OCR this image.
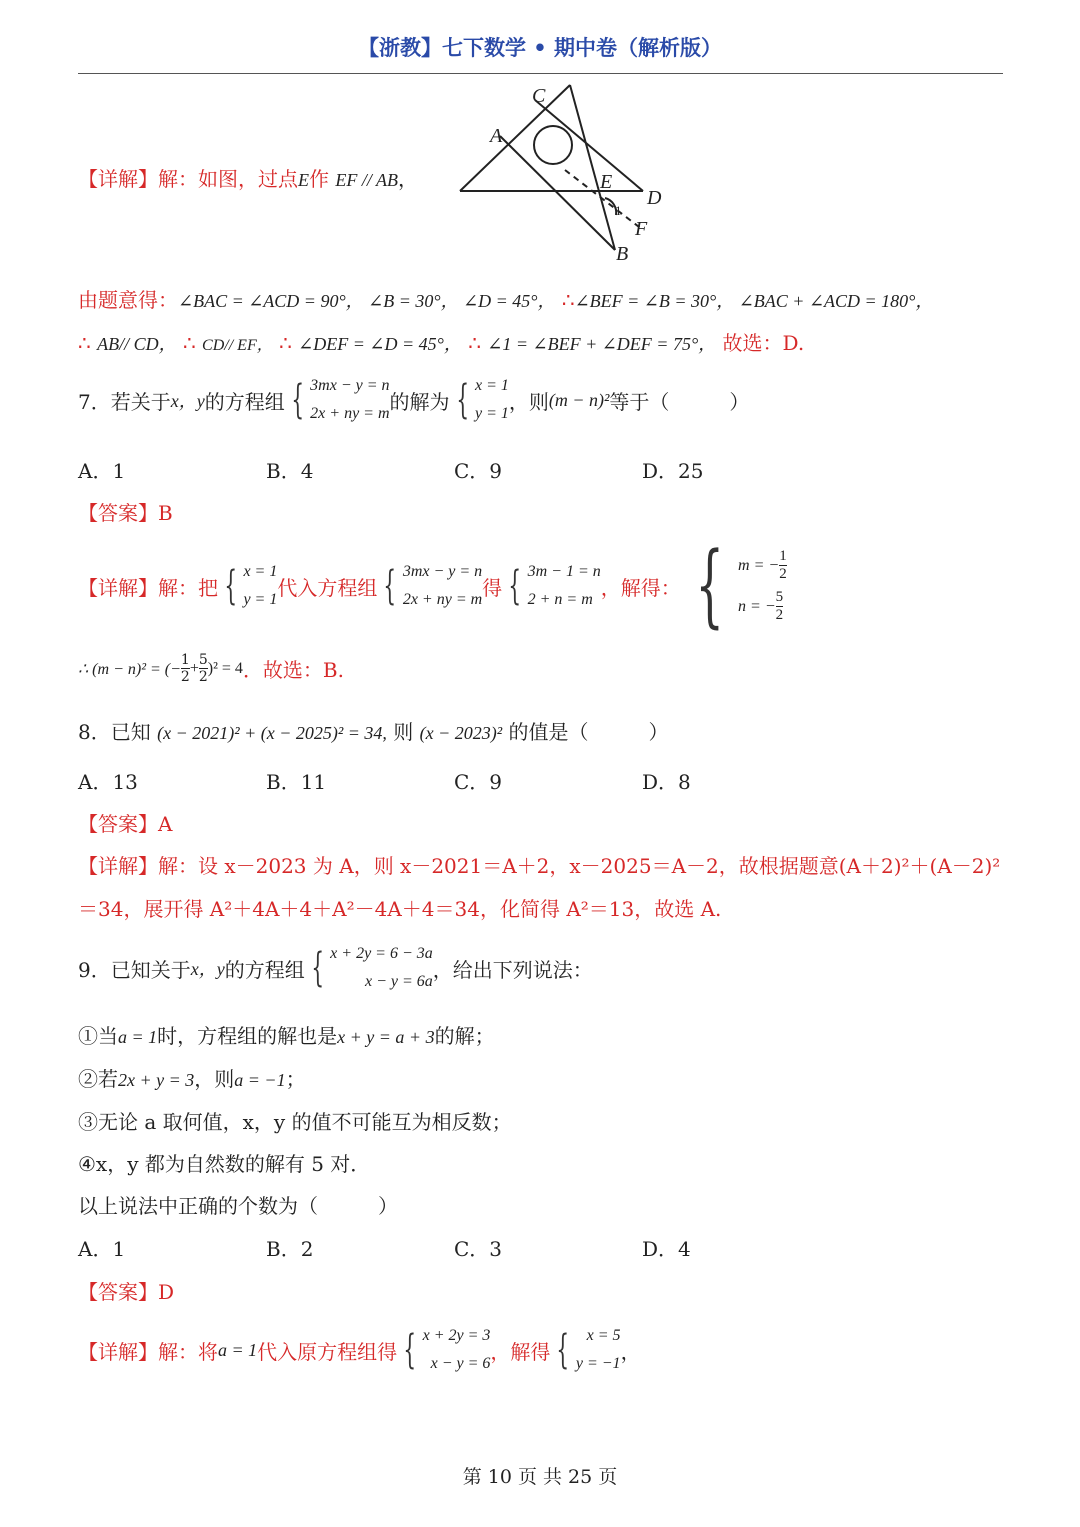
【浙教】七下数学 • 期中卷（解析版）
【详解】解：如图，过点E作 EF // AB，
C
A
E
D
F
B
1
由题意得：∠BAC = ∠ACD = 90°， ∠B = 30°， ∠D = 45°， ∴∠BEF = ∠B = 30°， ∠BAC + ∠ACD = 180°，
∴ AB// CD， ∴ CD// EF， ∴ ∠DEF = ∠D = 45°， ∴ ∠1 = ∠BEF + ∠DEF = 75°， 故选：D.
7．若关于 x，y 的方程组 { 3mx − y = n
2x + ny = m 的解为 { x = 1
y = 1 ，则 (m − n)² 等于（　　　）
A．1	B．4	C．9	D．25
【答案】B
【详解】解：把 { x = 1
y = 1 代入方程组 { 3mx − y = n
2x + ny = m 得 { 3m − 1 = n
2 + n = m ，解得： { m = − $\frac{1}{2}$
n = − $\frac{5}{2}$
∴ (m − n)² = (− $\frac{1}{2} + \frac{5}{2} )^2 = 4$ ．故选：B.
8．已知 (x − 2021)² + (x − 2025)² = 34, 则 (x − 2023)² 的值是（　　　）
A．13	B．11	C．9	D．8
【答案】A
【详解】解：设 x－2023 为 A，则 x－2021＝A＋2，x－2025＝A－2，故根据题意(A＋2)²＋(A－2)²
＝34，展开得 A²＋4A＋4＋A²－4A＋4＝34，化简得 A²＝13，故选 A.
9．已知关于 x，y 的方程组 { x + 2y = 6 − 3a
x − y = 6a ，给出下列说法：
①当a = 1时，方程组的解也是x + y = a + 3的解；
②若2x + y = 3，则a = −1；
③无论 a 取何值，x，y 的值不可能互为相反数；
④x，y 都为自然数的解有 5 对．
以上说法中正确的个数为（　　　）
A．1	B．2	C．3	D．4
【答案】D
【详解】解：将 a = 1 代入原方程组得 { x + 2y = 3
x − y = 6 ，解得 { x = 5
y = −1 ，
第 10 页 共 25 页
